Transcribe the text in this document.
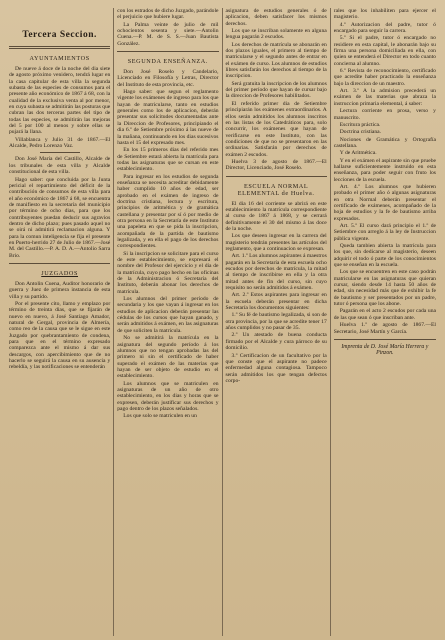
Tercera Seccion.
AYUNTAMIENTOS

De nueve á doce de la noche del dia siete de agosto próximo venidero, tendrá lugar en la casa capitular de esta villa la segunda subasta de las especies de consumos para el presente año económico de 1867 á 68, con la cualidad de la exclusiva venta al por menor, en cuya subasta se admitirán las posturas que cubran las dos terceras partes del tipo de todas las especies, se admitirán las mejoras del 5 por 100 al menos y sobre ellas se pujará la llana.

Villablanca y Julio 31 de 1867.—El Alcalde, Pedro Lorenzo Vaz.

Don José María del Castillo, Alcalde de los tribunales de esta villa y Alcalde constitucional de esta villa.

Hago saber: que concluida por la Junta pericial el repartimiento del déficit de la contribución de consumos de esta villa para el año económico de 1867 á 68, se encuentra de manifiesto en la secretaría del municipio por término de ocho dias, para que los contribuyentes puedan deducir sus agravios dentro de dicho plazo; pues pasado aquel no se oirá ni admitirá reclamacion alguna. Y para la comun inteligencia se fija el presente en Puerto-herrido 27 de Julio de 1867.—José M. del Castillo.—P. A. D. A.—Antolio Sarra Brio.

JUZGADOS

Don Antolin Cuena, Auditor honorario de guerra y Juez de primera instancia de esta villa y su partido.

Por el presente cito, llamo y emplazo por término de treinta dias, que se fijarán de nuevo en nuevo, á José Santiago Amador, natural de Gergal, provincia de Almería, como reo de la causa que se le sigue en este Juzgado por quebrantamiento de condena, para que en el término expresado comparezca ante el mismo á dar sus descargos, con apercibimiento que de no hacerlo se seguirá la causa en su ausencia y rebeldía, y las notificaciones se entenderán

con los estrados de dicho Juzgado, parándole el perjuicio que hubiere lugar.

La Palma veinte de julio de mil ochocientos sesenta y siete.—Antolin Cuena.—P. M. de S. S.—Juan Bautista González.

SEGUNDA ENSEÑANZA.

Don José Roselo y Candelario, Licenciado en Filosofía y Letras, Director del Instituto de esta provincia, etc.

Hago saber: que segun el reglamento vigente los exámenes de ingreso para los que hayan de matricularse, tanto en estudios generales como los de aplicacion, deberán presentar sus solicitudes documentadas ante la Direccion de Profesores, principiando el dia 6.º de Setiembre próximo á las nueve de la mañana, continuando en los dias sucesivos hasta el 15 del expresado mes.

En los 15 primeros dias del referido mes de Setiembre estará abierta la matrícula para todas las asignaturas que se cursan en este establecimiento.

Para ingresar en los estudios de segunda enseñanza se necesita acreditar debidamente haber cumplido 10 años de edad, ser aprobado en el exámen de ingreso de doctrina cristiana, lectura y escritura, principios de aritmética y de gramática castellana y presentar por sí ó por medio de otra persona en la Secretaría de este Instituto una papeleta en que se pida la inscripcion, acompañada de la partida de bautismo legalizada, y en ella el pago de los derechos correspondientes.

Si la inscripcion se solicitare para el curso de este establecimiento, se expresará el nombre del Profesor del ejercicio y el dia de la matrícula, cuyo pago hecho en las oficinas de la Administracion ó Secretaría del Instituto, deberán abonar los derechos de matrícula.

Los alumnos del primer período de secundaria y los que vayan á ingresar en los estudios de aplicacion deberán presentar las cédulas de los cursos que hayan ganado, y serán admitidos á exámen, en las asignaturas de que soliciten la matrícula.

No se admitirá la matrícula en la asignatura del segundo período á los alumnos que no tengan aprobadas las del primero ni sin el certificado de haber superado el exámen de las materias que hayan de ser objeto de estudio en el establecimiento.

Los alumnos que se matriculen en asignaturas de un año de otro establecimiento, en los dias y horas que se expresen, deberán justificar sus derechos y pago dentro de los plazos señalados.

Los que solo se matriculen en un

asignatura de estudios generales ó de aplicacion, deben satisfacer los mismos derechos.

Los que se inscriban solamente en alguna lengua pagarán 2 escudos.

Los derechos de matrícula se abonarán en dos plazos iguales, el primero al tiempo de matricularse y el segundo antes de entrar en el exámen de curso. Los alumnos de estudios libres satisfarán los derechos al tiempo de la inscripcion.

Será gratuita la inscripcion de los alumnos del primer período que hayan de cursar bajo la direccion de Profesores habilitados.

El referido primer dia de Setiembre principiarán los exámenes extraordinarios. A ellos serán admitidos los alumnos inscritos en las listas de los Catedráticos para, solo concurrir, los exámenes que hayan de verificarse en este Instituto, con las condiciones de que no se presentaron en las ordinarias. Satisfarán por derechos de exámen 2 escudos.

Huelva 3 de agosto de 1867.—El Director, Licenciado, José Roselo.

ESCUELA NORMAL ELEMENTAL de Huelva.

El dia 16 del corriente se abrirá en este establecimiento la matrícula correspondiente al curso de 1867 á 1868, y se cerrará definitivamente el 30 del mismo á las doce de la noche.

Los que deseen ingresar en la carrera del magisterio tendrán presentes las artículos del reglamento, que a continuacion se expresan.

Art. 1.º Los alumnos aspirantes á maestros pagarán en la Secretaría de esta escuela ocho escudos por derechos de matrícula, la mitad al tiempo de inscribirse en ella y la otra mitad antes de fin del curso, sin cuyo requisito no serán admitidos á exámen.

Art. 2.º Estos aspirantes para ingresar en la escuela deberán presentar en dicha Secretaría los documentos siguientes:

1.º Su fé de bautismo legalizada, si son de otra provincia, por la que se acredite tener 17 años cumplidos y no pasar de 35.

2.º Un atestado de buena conducta firmado por el Alcalde y cura párroco de su domicilio.

3.º Certificacion de un facultativo por la que conste que el aspirante no padece enfermedad alguna contagiosa. Tampoco serán admitidos los que tengan defectos corpo-

rales que los inhabiliten para ejercer el magisterio.

4.º Autorizacion del padre, tutor ó encargado para seguir la carrera.

5.º Si el padre, tutor ó encargado no residiere en esta capital, le abonarán bajo su firma una persona domiciliada en ella, con quien se entenderá el Director en todo cuanto concierna al alumno.

6.º Revista de reconocimiento, certificado que acredite haber practicado la enseñanza bajo la direccion de un maestro.

Art. 3.º A la admision precederá un exámen de las materias que abraza la instruccion primaria elemental, á saber:

Lectura corriente en prosa, verso y manuscrito.

Escritura práctica.

Doctrina cristiana.

Nociones de Gramática y Ortografía castellana.

Y de Aritmética.

Y en el exámen el aspirante sin que pruebe hallarse suficientemente instruido en esta enseñanza, para poder seguir con fruto los lecciones de la escuela.

Art. 4.º Los alumnos que hubieren probado el primer año ó algunas asignaturas en otra Normal deberán presentar el certificado de exámenes, acompañado de la hoja de estudios y la fe de bautismo arriba expresados.

Art. 5.º El curso dará principio el 1.º de Setiembre con arreglo á la ley de Instruccion pública vigente.

Queda tambien abierta la matrícula para los que, sin dedicarse al magisterio, deseen adquirir el todo ó parte de los conocimientos que se enseñan en la escuela.

Los que se encuentren en este caso podrán matricularse en las asignaturas que quieran cursar, siendo desde 14 hasta 50 años de edad, sin necesidad más que de exhibir la fe de bautismo y ser presentados por un padre, tutor ó persona que los abone.

Pagarán en el acto 2 escudos por cada una de las que sean ó que inscriban ante.

Huelva 1.º de agosto de 1867.—El Secretario, José Martín y García.

Imprenta de D. José María Herrera y Pinzon.
